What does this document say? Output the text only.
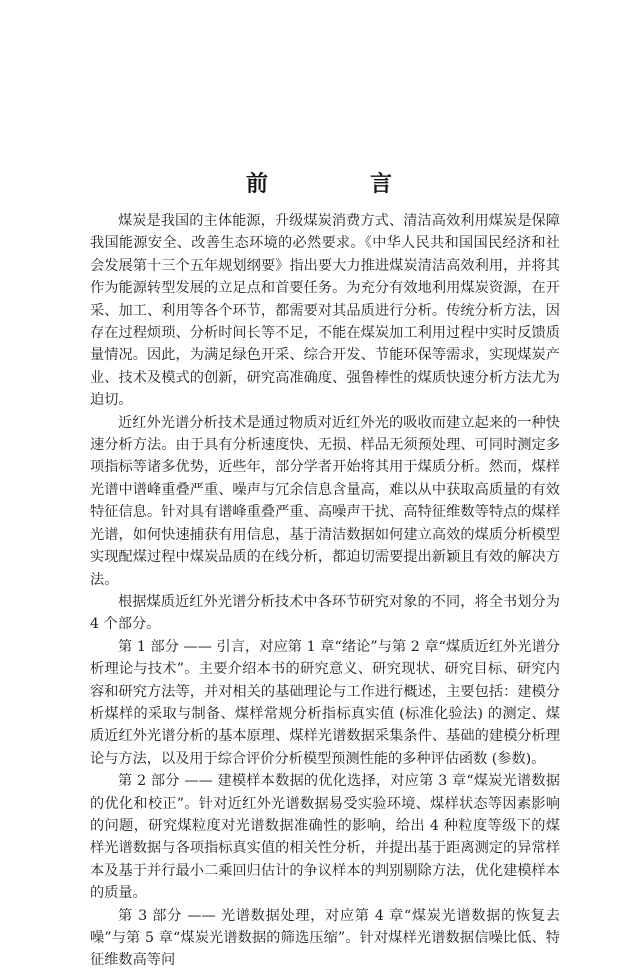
前　言

煤炭是我国的主体能源，升级煤炭消费方式、清洁高效利用煤炭是保障我国能源安全、改善生态环境的必然要求。《中华人民共和国国民经济和社会发展第十三个五年规划纲要》指出要大力推进煤炭清洁高效利用，并将其作为能源转型发展的立足点和首要任务。为充分有效地利用煤炭资源，在开采、加工、利用等各个环节，都需要对其品质进行分析。传统分析方法，因存在过程烦琐、分析时间长等不足，不能在煤炭加工利用过程中实时反馈质量情况。因此，为满足绿色开采、综合开发、节能环保等需求，实现煤炭产业、技术及模式的创新，研究高准确度、强鲁棒性的煤质快速分析方法尤为迫切。

近红外光谱分析技术是通过物质对近红外光的吸收而建立起来的一种快速分析方法。由于具有分析速度快、无损、样品无须预处理、可同时测定多项指标等诸多优势，近些年，部分学者开始将其用于煤质分析。然而，煤样光谱中谱峰重叠严重、噪声与冗余信息含量高，难以从中获取高质量的有效特征信息。针对具有谱峰重叠严重、高噪声干扰、高特征维数等特点的煤样光谱，如何快速捕获有用信息，基于清洁数据如何建立高效的煤质分析模型实现配煤过程中煤炭品质的在线分析，都迫切需要提出新颖且有效的解决方法。

根据煤质近红外光谱分析技术中各环节研究对象的不同，将全书划分为 4 个部分。

第 1 部分 —— 引言，对应第 1 章“绪论”与第 2 章“煤质近红外光谱分析理论与技术”。主要介绍本书的研究意义、研究现状、研究目标、研究内容和研究方法等，并对相关的基础理论与工作进行概述，主要包括：建模分析煤样的采取与制备、煤样常规分析指标真实值 (标准化验法) 的测定、煤质近红外光谱分析的基本原理、煤样光谱数据采集条件、基础的建模分析理论与方法，以及用于综合评价分析模型预测性能的多种评估函数 (参数)。

第 2 部分 —— 建模样本数据的优化选择，对应第 3 章“煤炭光谱数据的优化和校正”。针对近红外光谱数据易受实验环境、煤样状态等因素影响的问题，研究煤粒度对光谱数据准确性的影响，给出 4 种粒度等级下的煤样光谱数据与各项指标真实值的相关性分析，并提出基于距离测定的异常样本及基于并行最小二乘回归估计的争议样本的判别剔除方法，优化建模样本的质量。

第 3 部分 —— 光谱数据处理，对应第 4 章“煤炭光谱数据的恢复去噪”与第 5 章“煤炭光谱数据的筛选压缩”。针对煤样光谱数据信噪比低、特征维数高等问
